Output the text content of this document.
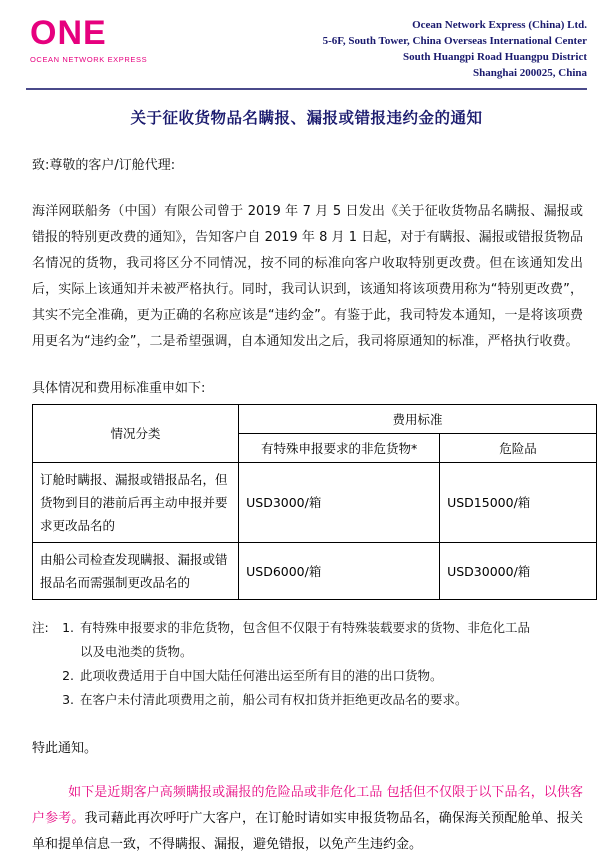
ONE
OCEAN NETWORK EXPRESS
Ocean Network Express (China) Ltd.
5-6F, South Tower, China Overseas International Center
South Huangpi Road Huangpu District
Shanghai 200025, China
关于征收货物品名瞒报、漏报或错报违约金的通知
致:尊敬的客户/订舱代理:
海洋网联船务（中国）有限公司曾于 2019 年 7 月 5 日发出《关于征收货物品名瞒报、漏报或错报的特别更改费的通知》，告知客户自 2019 年 8 月 1 日起，对于有瞒报、漏报或错报货物品名情况的货物，我司将区分不同情况，按不同的标准向客户收取特别更改费。但在该通知发出后，实际上该通知并未被严格执行。同时，我司认识到，该通知将该项费用称为“特别更改费”，其实不完全准确，更为正确的名称应该是“违约金”。有鉴于此，我司特发本通知，一是将该项费用更名为“违约金”，二是希望强调，自本通知发出之后，我司将原通知的标准，严格执行收费。
具体情况和费用标准重申如下:
情况分类	费用标准	
	有特殊申报要求的非危货物*	危险品
订舱时瞒报、漏报或错报品名，但货物到目的港前后再主动申报并要求更改品名的	USD3000/箱	USD15000/箱
由船公司检查发现瞒报、漏报或错报品名而需强制更改品名的	USD6000/箱	USD30000/箱
注:	1. 有特殊申报要求的非危货物，包含但不仅限于有特殊装载要求的货物、非危化工品
以及电池类的货物。
2. 此项收费适用于自中国大陆任何港出运至所有目的港的出口货物。
3. 在客户未付清此项费用之前，船公司有权扣货并拒绝更改品名的要求。
特此通知。
如下是近期客户高频瞒报或漏报的危险品或非危化工品 包括但不仅限于以下品名，以供客户参考。我司藉此再次呼吁广大客户，在订舱时请如实申报货物品名，确保海关预配舱单、报关单和提单信息一致，不得瞒报、漏报，避免错报，以免产生违约金。
